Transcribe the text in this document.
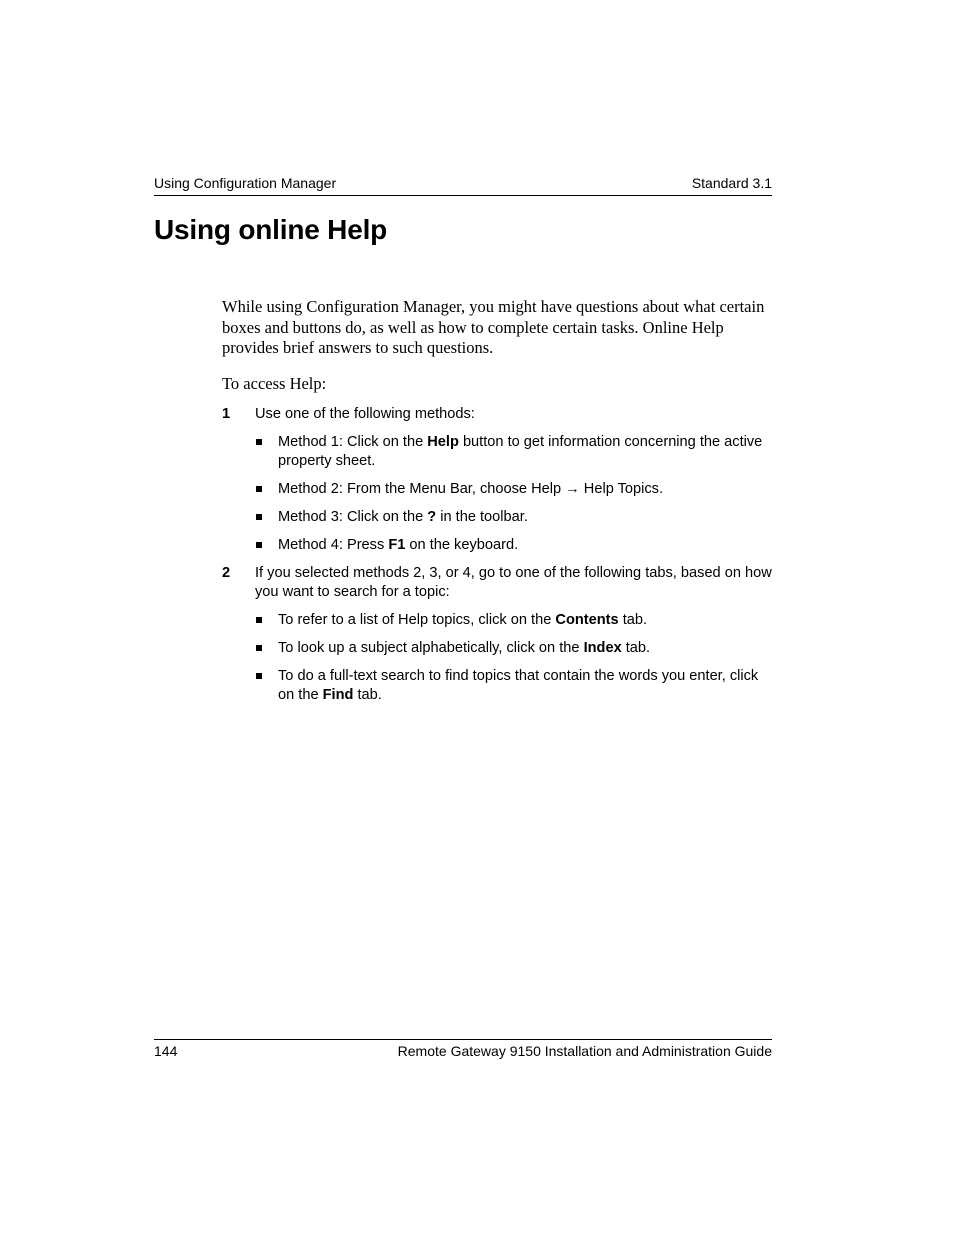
Using Configuration Manager	Standard 3.1
Using online Help

While using Configuration Manager, you might have questions about what certain boxes and buttons do, as well as how to complete certain tasks. Online Help provides brief answers to such questions.

To access Help:

1 Use one of the following methods:
Method 1: Click on the Help button to get information concerning the active property sheet.
Method 2: From the Menu Bar, choose Help → Help Topics.
Method 3: Click on the ? in the toolbar.
Method 4: Press F1 on the keyboard.
2 If you selected methods 2, 3, or 4, go to one of the following tabs, based on how you want to search for a topic:
To refer to a list of Help topics, click on the Contents tab.
To look up a subject alphabetically, click on the Index tab.
To do a full-text search to find topics that contain the words you enter, click on the Find tab.
144	Remote Gateway 9150 Installation and Administration Guide
